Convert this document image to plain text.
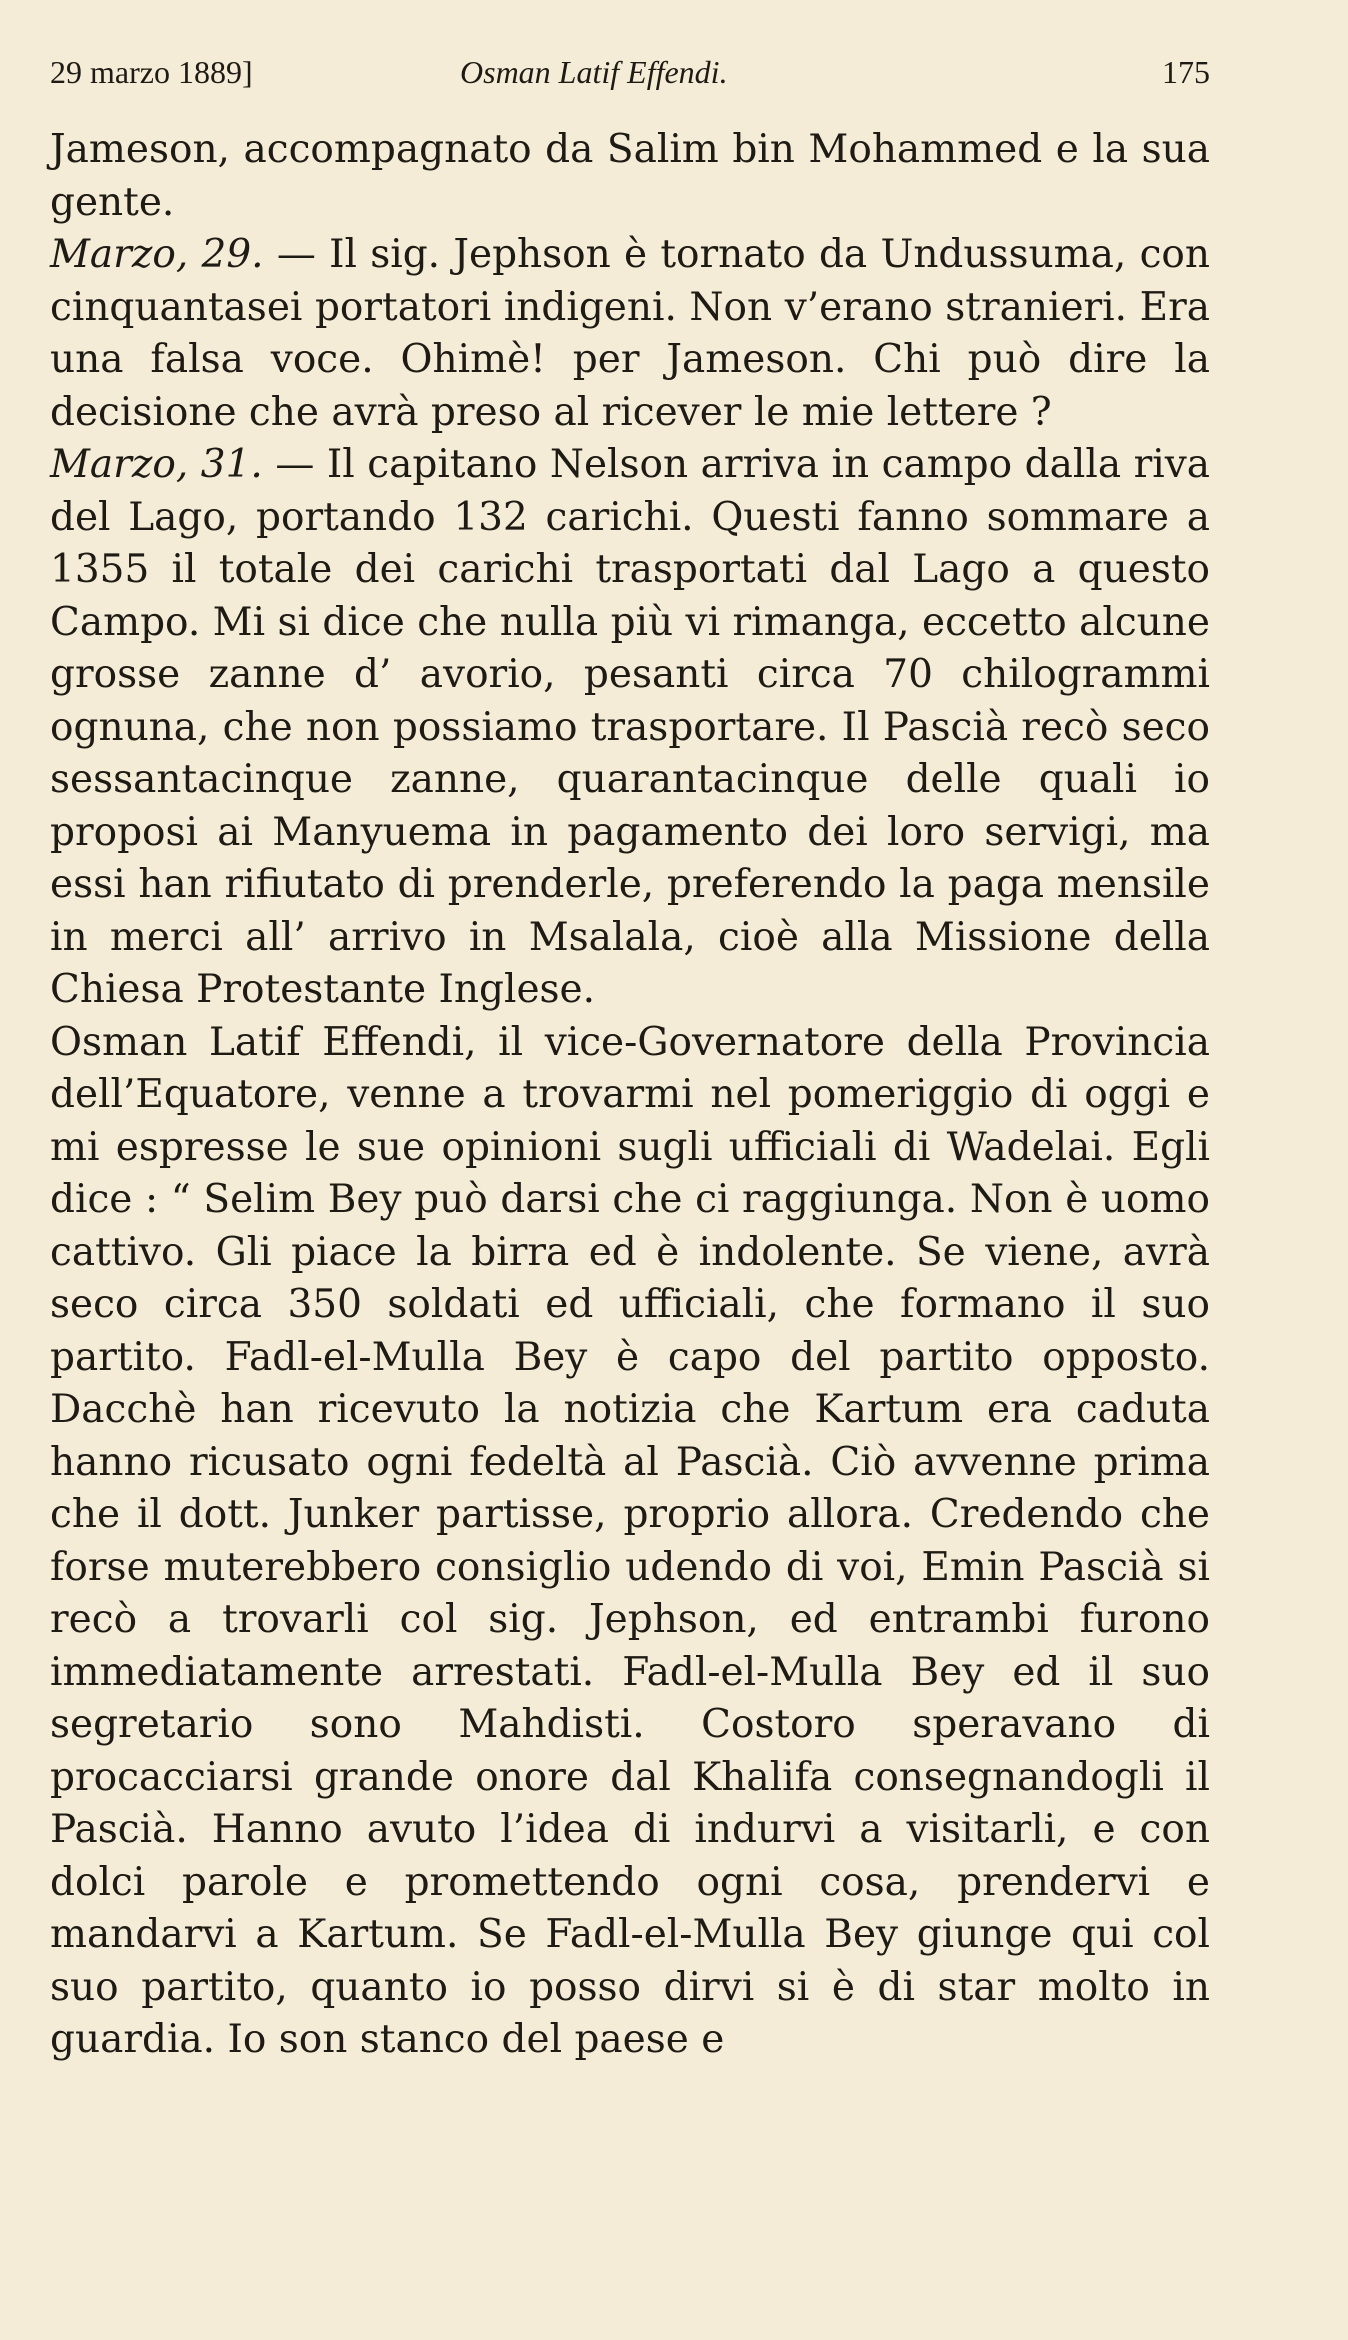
29 marzo 1889]	Osman Latif Effendi.	175

Jameson, accompagnato da Salim bin Mohammed e la sua gente.

Marzo, 29. — Il sig. Jephson è tornato da Undussuma, con cinquantasei portatori indigeni. Non v’erano stranieri. Era una falsa voce. Ohimè! per Jameson. Chi può dire la decisione che avrà preso al ricever le mie lettere ?

Marzo, 31. — Il capitano Nelson arriva in campo dalla riva del Lago, portando 132 carichi. Questi fanno sommare a 1355 il totale dei carichi trasportati dal Lago a questo Campo. Mi si dice che nulla più vi rimanga, eccetto alcune grosse zanne d’ avorio, pesanti circa 70 chilogrammi ognuna, che non possiamo trasportare. Il Pascià recò seco sessantacinque zanne, quarantacinque delle quali io proposi ai Manyuema in pagamento dei loro servigi, ma essi han rifiutato di prenderle, preferendo la paga mensile in merci all’ arrivo in Msalala, cioè alla Missione della Chiesa Protestante Inglese.

Osman Latif Effendi, il vice-Governatore della Provincia dell’Equatore, venne a trovarmi nel pomeriggio di oggi e mi espresse le sue opinioni sugli ufficiali di Wadelai. Egli dice : “ Selim Bey può darsi che ci raggiunga. Non è uomo cattivo. Gli piace la birra ed è indolente. Se viene, avrà seco circa 350 soldati ed ufficiali, che formano il suo partito. Fadl-el-Mulla Bey è capo del partito opposto. Dacchè han ricevuto la notizia che Kartum era caduta hanno ricusato ogni fedeltà al Pascià. Ciò avvenne prima che il dott. Junker partisse, proprio allora. Credendo che forse muterebbero consiglio udendo di voi, Emin Pascià si recò a trovarli col sig. Jephson, ed entrambi furono immediatamente arrestati. Fadl-el-Mulla Bey ed il suo segretario sono Mahdisti. Costoro speravano di procacciarsi grande onore dal Khalifa consegnandogli il Pascià. Hanno avuto l’idea di indurvi a visitarli, e con dolci parole e promettendo ogni cosa, prendervi e mandarvi a Kartum. Se Fadl-el-Mulla Bey giunge qui col suo partito, quanto io posso dirvi si è di star molto in guardia. Io son stanco del paese e
